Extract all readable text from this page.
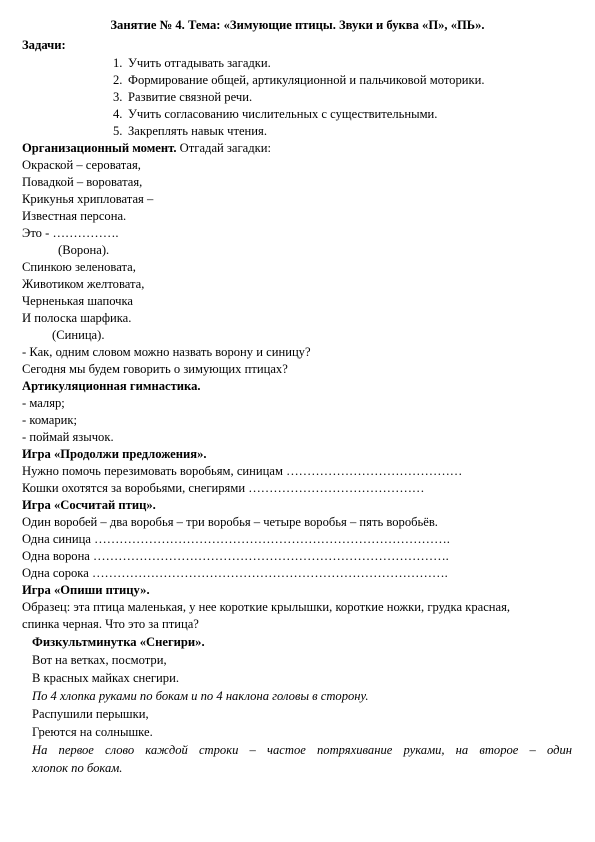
Занятие № 4. Тема: «Зимующие птицы. Звуки и буква «П», «ПЬ».
Задачи:
1. Учить отгадывать загадки.
2. Формирование общей, артикуляционной и пальчиковой моторики.
3. Развитие связной речи.
4. Учить согласованию числительных с существительными.
5. Закреплять навык чтения.
Организационный момент. Отгадай загадки:
Окраской – сероватая,
Повадкой – вороватая,
Крикунья хрипловатая –
Известная персона.
Это - …………….
(Ворона).
Спинкою зеленовата,
Животиком желтовата,
Черненькая шапочка
И полоска шарфика.
(Синица).
- Как, одним словом можно назвать ворону и синицу?
Сегодня мы будем говорить о зимующих птицах?
Артикуляционная гимнастика.
- маляр;
- комарик;
- поймай язычок.
Игра «Продолжи предложения».
Нужно помочь перезимовать воробьям, синицам ……………………………………
Кошки охотятся за воробьями, снегирями ……………………………………
Игра «Сосчитай птиц».
Один воробей – два воробья – три воробья – четыре воробья – пять воробьёв.
Одна синица ………………………………………………………………………….
Одна ворона ………………………………………………………………………….
Одна сорока ………………………………………………………………………….
Игра «Опиши птицу».
Образец: эта птица маленькая, у нее короткие крылышки, короткие ножки, грудка красная,
спинка черная. Что это за птица?
Физкультминутка «Снегири».
Вот на ветках, посмотри,
В красных майках снегири.
По 4 хлопка руками по бокам и по 4 наклона головы в сторону.
Распушили перышки,
Греются на солнышке.
На первое слово каждой строки – частое потряхивание руками, на второе – один
хлопок по бокам.
